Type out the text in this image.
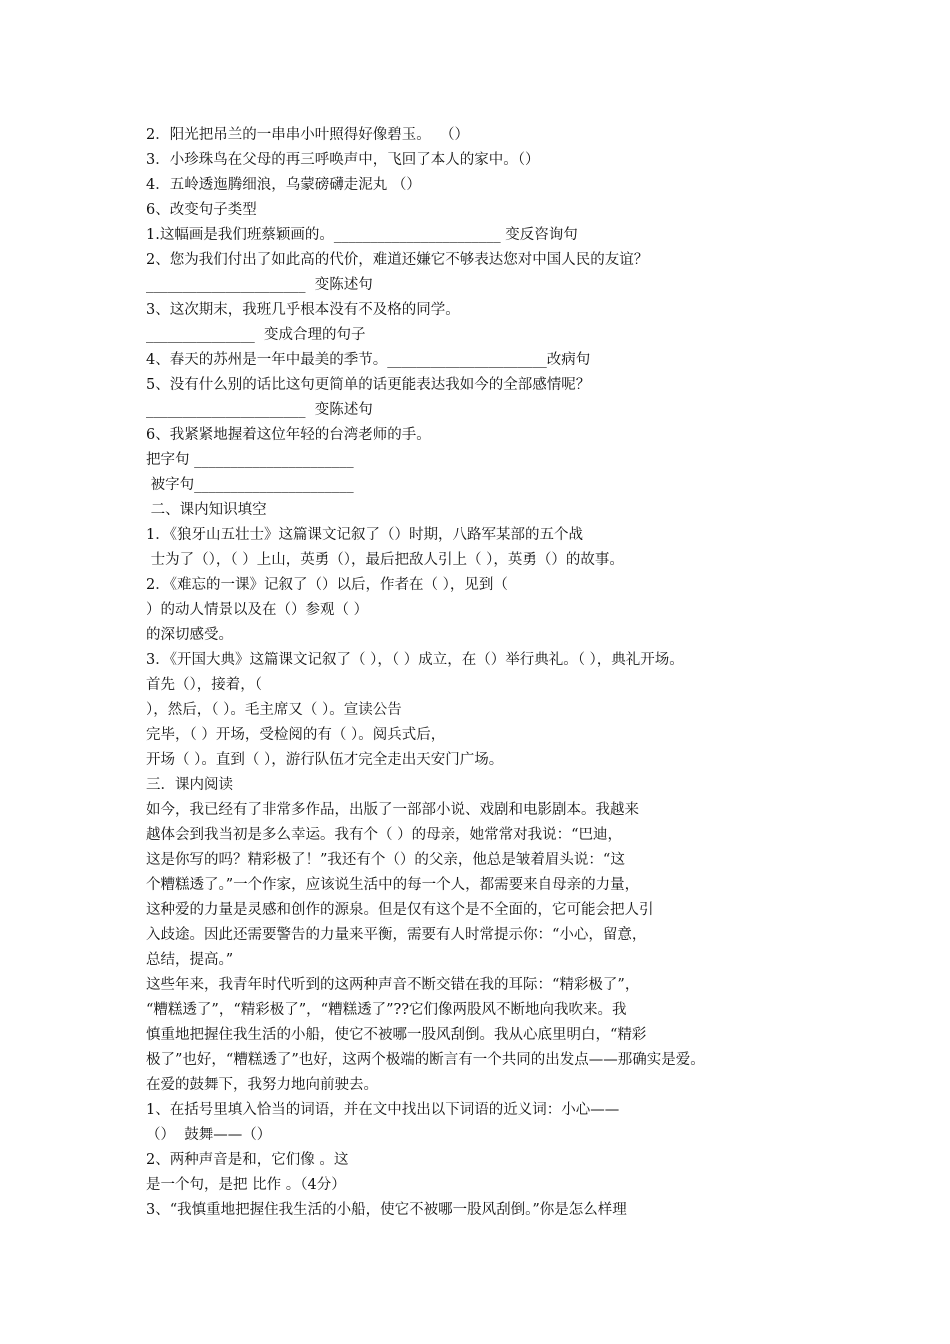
2．阳光把吊兰的一串串小叶照得好像碧玉。  （）
3．小珍珠鸟在父母的再三呼唤声中，飞回了本人的家中。（）
4．五岭透迤腾细浪，乌蒙磅礴走泥丸 （）
6、改变句子类型
1.这幅画是我们班蔡颖画的。_______________________ 变反咨询句
2、您为我们付出了如此高的代价，难道还嫌它不够表达您对中国人民的友谊？
______________________  变陈述句
3、这次期末，我班几乎根本没有不及格的同学。
_______________  变成合理的句子
4、春天的苏州是一年中最美的季节。______________________改病句
5、没有什么别的话比这句更简单的话更能表达我如今的全部感情呢？
______________________  变陈述句
6、我紧紧地握着这位年轻的台湾老师的手。
把字句 ______________________
被字句______________________
二、课内知识填空
1．《狼牙山五壮士》这篇课文记叙了（）时期，八路军某部的五个战
士为了（），（ ）上山，英勇（），最后把敌人引上（ ），英勇（）的故事。
2．《难忘的一课》记叙了（）以后，作者在（ ），见到（
）的动人情景以及在（）参观（ ）
的深切感受。
3．《开国大典》这篇课文记叙了（ ），（ ）成立，在（）举行典礼。（ ），典礼开场。
首先（），接着，（
），然后，（ ）。毛主席又（ ）。宣读公告
完毕，（ ）开场，受检阅的有（ ）。阅兵式后，
开场（ ）。直到（ ），游行队伍才完全走出天安门广场。
三．课内阅读
如今，我已经有了非常多作品，出版了一部部小说、戏剧和电影剧本。我越来
越体会到我当初是多么幸运。我有个（ ）的母亲，她常常对我说：“巴迪，
这是你写的吗？精彩极了！”我还有个（）的父亲，他总是皱着眉头说：“这
个糟糕透了。”一个作家，应该说生活中的每一个人，都需要来自母亲的力量，
这种爱的力量是灵感和创作的源泉。但是仅有这个是不全面的，它可能会把人引
入歧途。因此还需要警告的力量来平衡，需要有人时常提示你：“小心，留意，
总结，提高。”
这些年来，我青年时代听到的这两种声音不断交错在我的耳际：“精彩极了”，
“糟糕透了”，“精彩极了”，“糟糕透了”??它们像两股风不断地向我吹来。我
慎重地把握住我生活的小船，使它不被哪一股风刮倒。我从心底里明白，“精彩
极了”也好，“糟糕透了”也好，这两个极端的断言有一个共同的出发点——那确实是爱。
在爱的鼓舞下，我努力地向前驶去。
1、在括号里填入恰当的词语，并在文中找出以下词语的近义词：小心——
（）  鼓舞——（）
2、两种声音是和，它们像 。这
是一个句，是把 比作 。（4分）
3、“我慎重地把握住我生活的小船，使它不被哪一股风刮倒。”你是怎么样理
